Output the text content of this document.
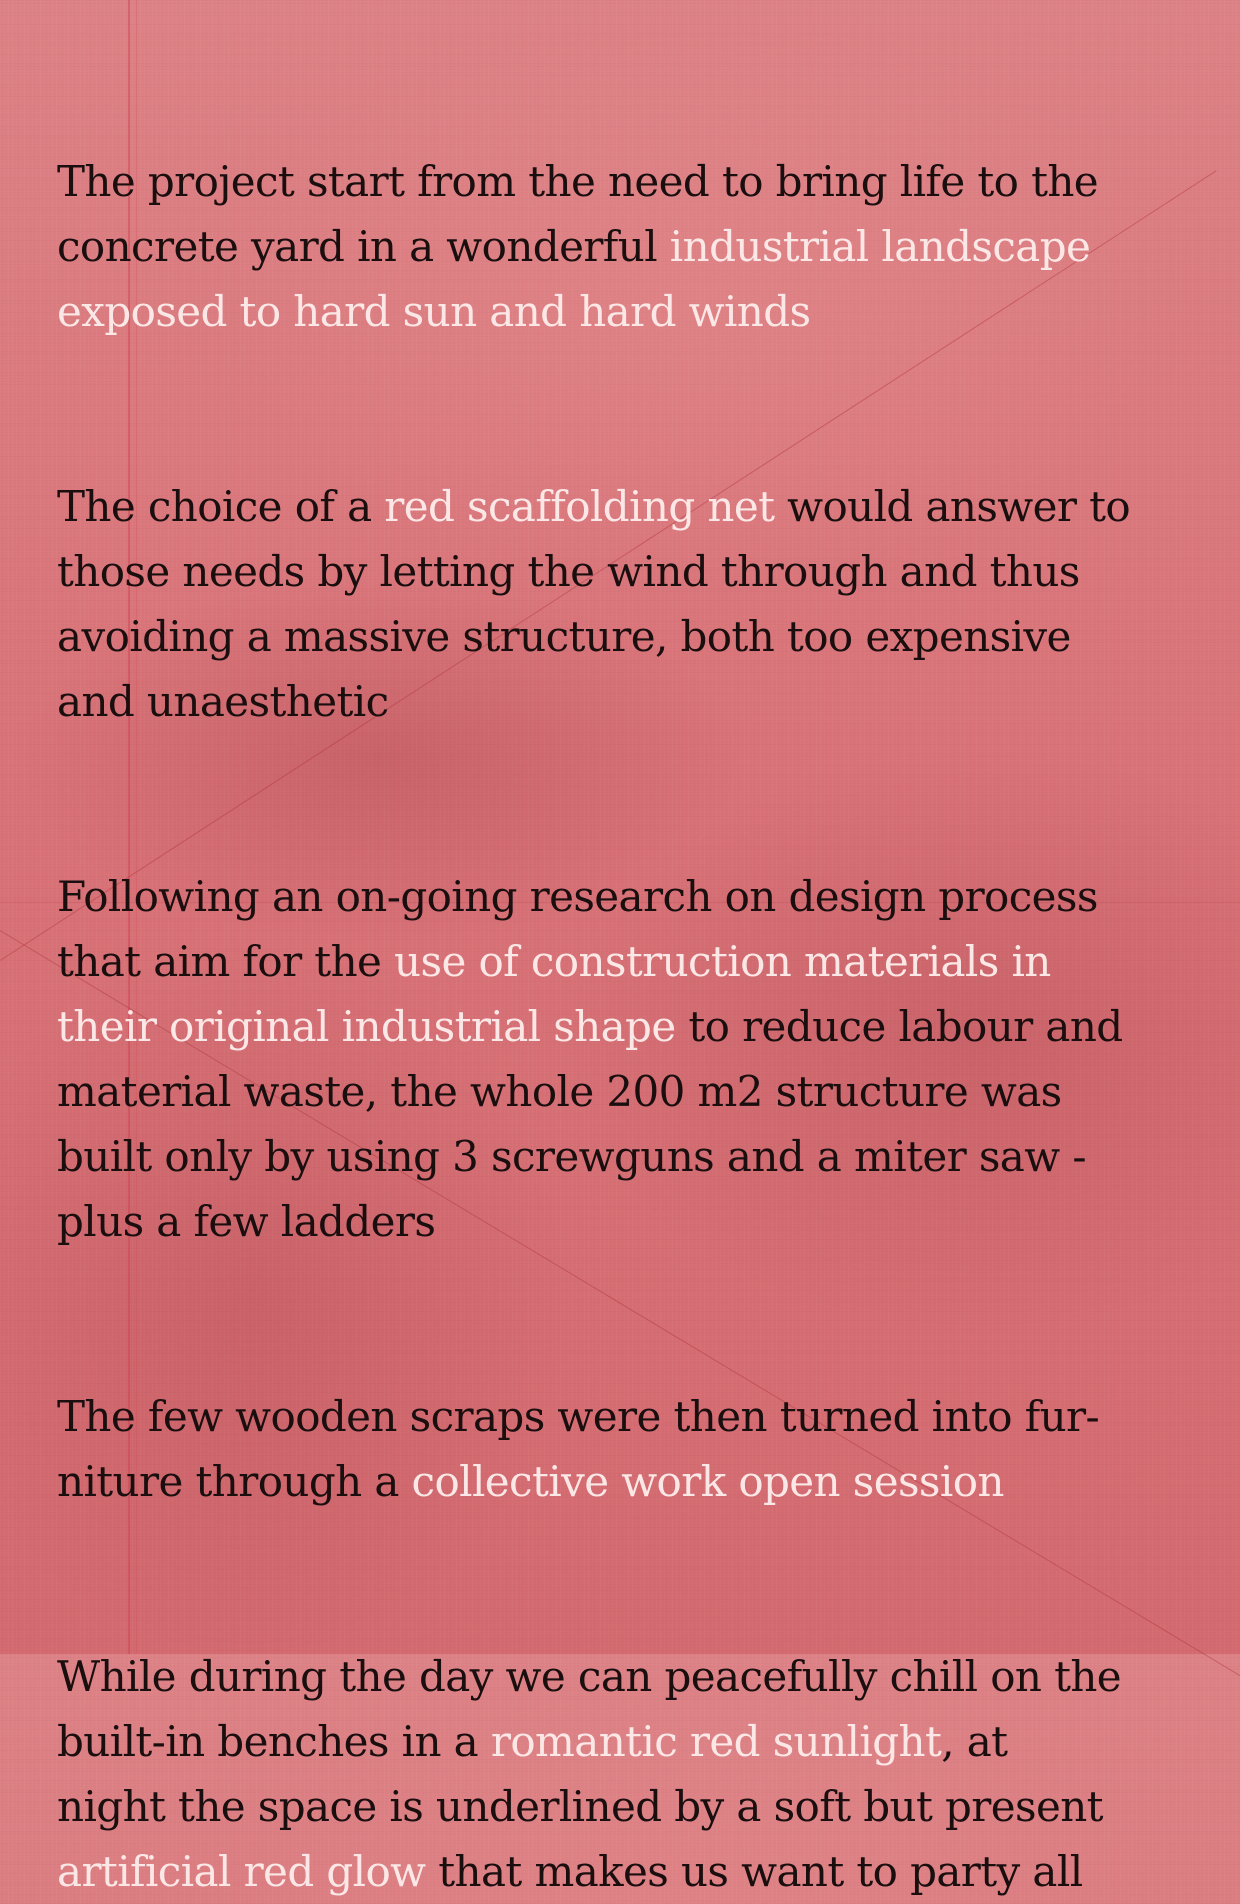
The project start from the need to bring life to the
concrete yard in a wonderful industrial landscape
exposed to hard sun and hard winds

The choice of a red scaffolding net would answer to
those needs by letting the wind through and thus
avoiding a massive structure, both too expensive
and unaesthetic

Following an on-going research on design process
that aim for the use of construction materials in
their original industrial shape to reduce labour and
material waste, the whole 200 m2 structure was
built only by using 3 screwguns and a miter saw -
plus a few ladders

The few wooden scraps were then turned into fur-
niture through a collective work open session

While during the day we can peacefully chill on the
built-in benches in a romantic red sunlight, at
night the space is underlined by a soft but present
artificial red glow that makes us want to party all
